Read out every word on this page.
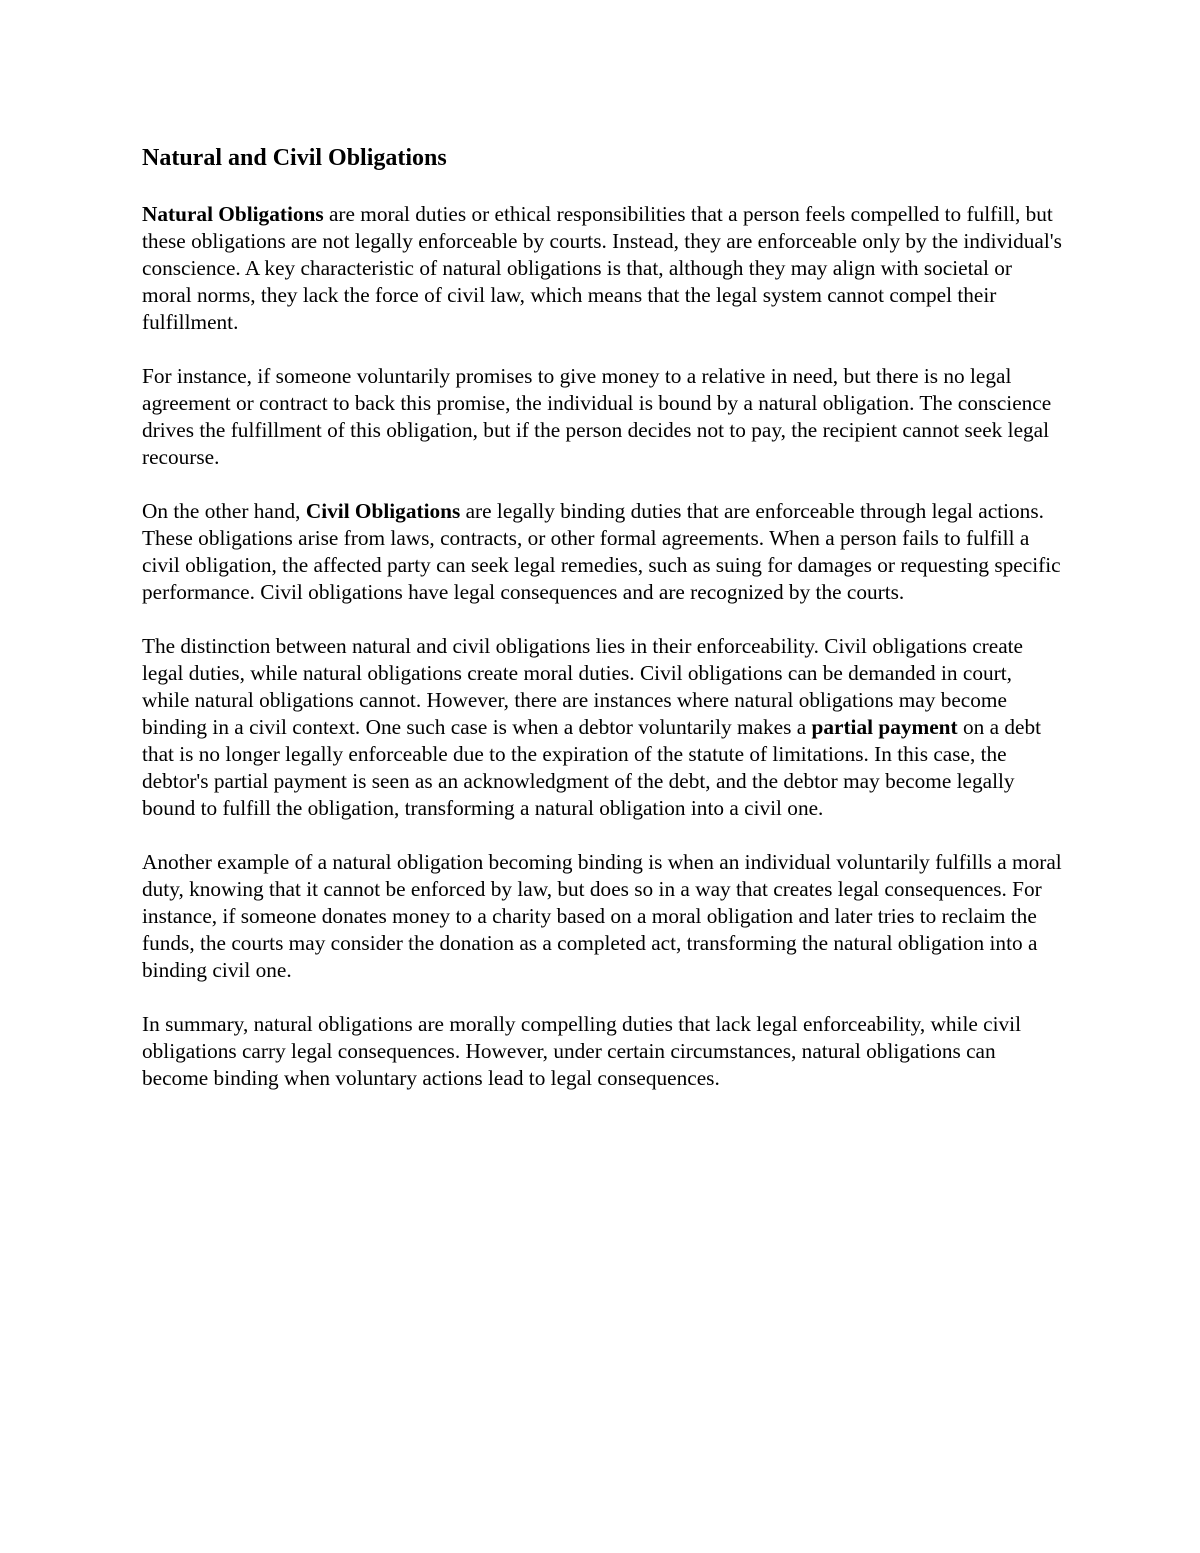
Natural and Civil Obligations

Natural Obligations are moral duties or ethical responsibilities that a person feels compelled to fulfill, but these obligations are not legally enforceable by courts. Instead, they are enforceable only by the individual's conscience. A key characteristic of natural obligations is that, although they may align with societal or moral norms, they lack the force of civil law, which means that the legal system cannot compel their fulfillment.

For instance, if someone voluntarily promises to give money to a relative in need, but there is no legal agreement or contract to back this promise, the individual is bound by a natural obligation. The conscience drives the fulfillment of this obligation, but if the person decides not to pay, the recipient cannot seek legal recourse.

On the other hand, Civil Obligations are legally binding duties that are enforceable through legal actions. These obligations arise from laws, contracts, or other formal agreements. When a person fails to fulfill a civil obligation, the affected party can seek legal remedies, such as suing for damages or requesting specific performance. Civil obligations have legal consequences and are recognized by the courts.

The distinction between natural and civil obligations lies in their enforceability. Civil obligations create legal duties, while natural obligations create moral duties. Civil obligations can be demanded in court, while natural obligations cannot. However, there are instances where natural obligations may become binding in a civil context. One such case is when a debtor voluntarily makes a partial payment on a debt that is no longer legally enforceable due to the expiration of the statute of limitations. In this case, the debtor's partial payment is seen as an acknowledgment of the debt, and the debtor may become legally bound to fulfill the obligation, transforming a natural obligation into a civil one.

Another example of a natural obligation becoming binding is when an individual voluntarily fulfills a moral duty, knowing that it cannot be enforced by law, but does so in a way that creates legal consequences. For instance, if someone donates money to a charity based on a moral obligation and later tries to reclaim the funds, the courts may consider the donation as a completed act, transforming the natural obligation into a binding civil one.

In summary, natural obligations are morally compelling duties that lack legal enforceability, while civil obligations carry legal consequences. However, under certain circumstances, natural obligations can become binding when voluntary actions lead to legal consequences.
